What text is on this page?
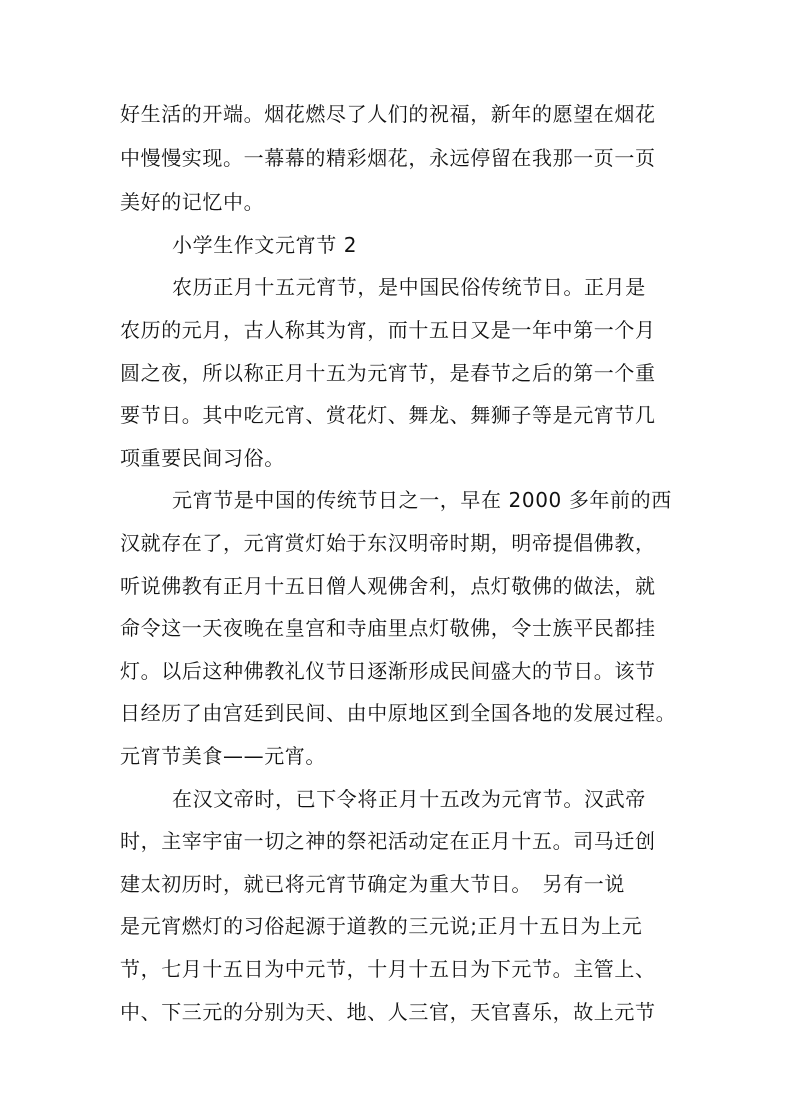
好生活的开端。烟花燃尽了人们的祝福，新年的愿望在烟花
中慢慢实现。一幕幕的精彩烟花，永远停留在我那一页一页
美好的记忆中。
小学生作文元宵节 2
农历正月十五元宵节，是中国民俗传统节日。正月是
农历的元月，古人称其为宵，而十五日又是一年中第一个月
圆之夜，所以称正月十五为元宵节，是春节之后的第一个重
要节日。其中吃元宵、赏花灯、舞龙、舞狮子等是元宵节几
项重要民间习俗。
元宵节是中国的传统节日之一，早在 2000 多年前的西
汉就存在了，元宵赏灯始于东汉明帝时期，明帝提倡佛教，
听说佛教有正月十五日僧人观佛舍利，点灯敬佛的做法，就
命令这一天夜晚在皇宫和寺庙里点灯敬佛，令士族平民都挂
灯。以后这种佛教礼仪节日逐渐形成民间盛大的节日。该节
日经历了由宫廷到民间、由中原地区到全国各地的发展过程。
元宵节美食——元宵。
在汉文帝时，已下令将正月十五改为元宵节。汉武帝
时，主宰宇宙一切之神的祭祀活动定在正月十五。司马迁创
建太初历时，就已将元宵节确定为重大节日。　另有一说
是元宵燃灯的习俗起源于道教的三元说;正月十五日为上元
节，七月十五日为中元节，十月十五日为下元节。主管上、
中、下三元的分别为天、地、人三官，天官喜乐，故上元节
